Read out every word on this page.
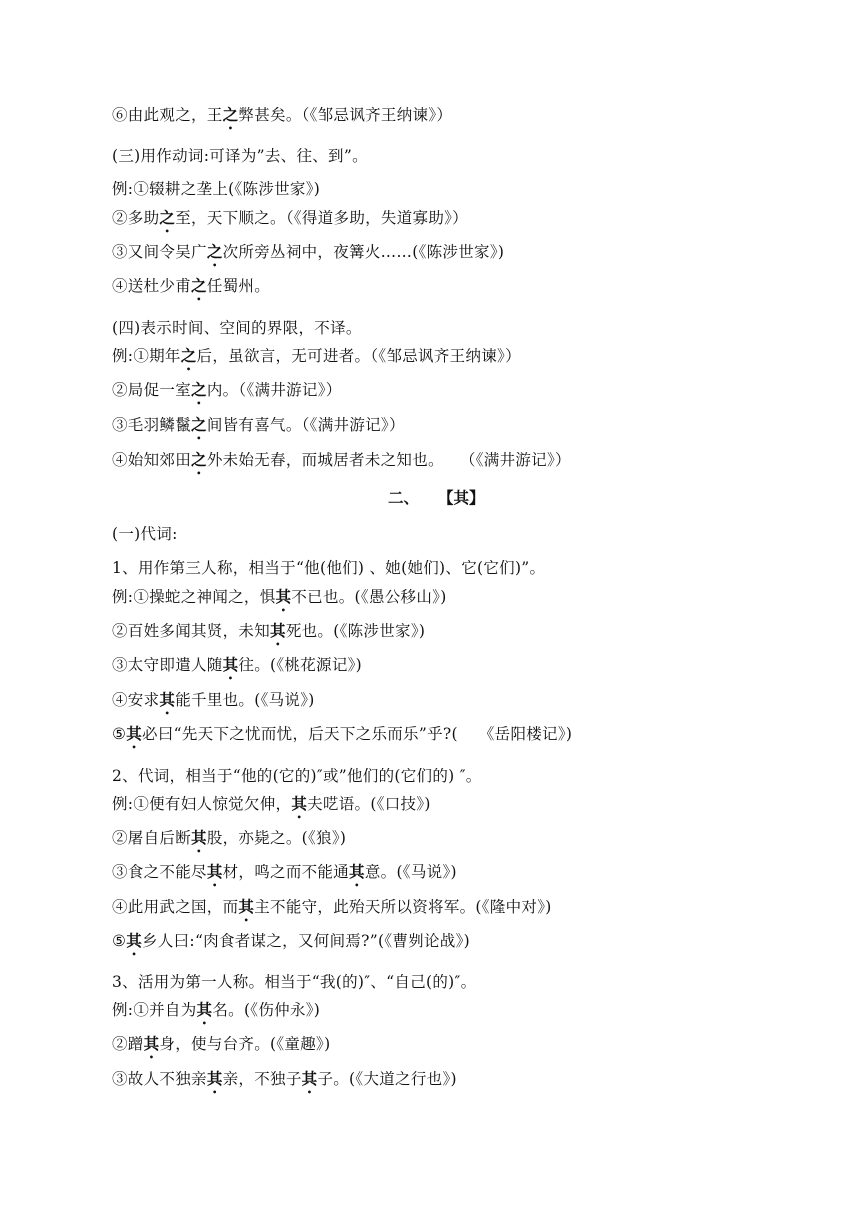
二、 【其】
⑥由此观之，王之弊甚矣。（《邹忌讽齐王纳谏》）
(三)用作动词:可译为”去、往、到”。
例:①辍耕之垄上(《陈涉世家》)
②多助之至，天下顺之。（《得道多助，失道寡助》）
③又间令吴广之次所旁丛祠中，夜篝火……(《陈涉世家》)
④送杜少甫之任蜀州。
(四)表示时间、空间的界限，不译。
例:①期年之后，虽欲言，无可进者。（《邹忌讽齐王纳谏》）
②局促一室之内。（《满井游记》）
③毛羽鳞鬣之间皆有喜气。（《满井游记》）
④始知郊田之外未始无春，而城居者未之知也。　　（《满井游记》）
(一)代词:
1、用作第三人称，相当于“他(他们) 、她(她们)、它(它们)”。
例:①操蛇之神闻之，惧其不已也。(《愚公移山》)
②百姓多闻其贤，未知其死也。(《陈涉世家》)
③太守即遣人随其往。(《桃花源记》)
④安求其能千里也。(《马说》)
⑤其必曰“先天下之忧而忧，后天下之乐而乐”乎?(　 《岳阳楼记》)
2、代词，相当于“他的(它的)″或”他们的(它们的) ″。
例:①便有妇人惊觉欠伸，其夫呓语。(《口技》)
②屠自后断其股，亦毙之。(《狼》)
③食之不能尽其材，鸣之而不能通其意。(《马说》)
④此用武之国，而其主不能守，此殆天所以资将军。(《隆中对》)
⑤其乡人曰:“肉食者谋之，又何间焉?”(《曹刿论战》)
3、活用为第一人称。相当于“我(的)″、“自己(的)″。
例:①并自为其名。(《伤仲永》)
②蹭其身，使与台齐。(《童趣》)
③故人不独亲其亲，不独子其子。(《大道之行也》)
